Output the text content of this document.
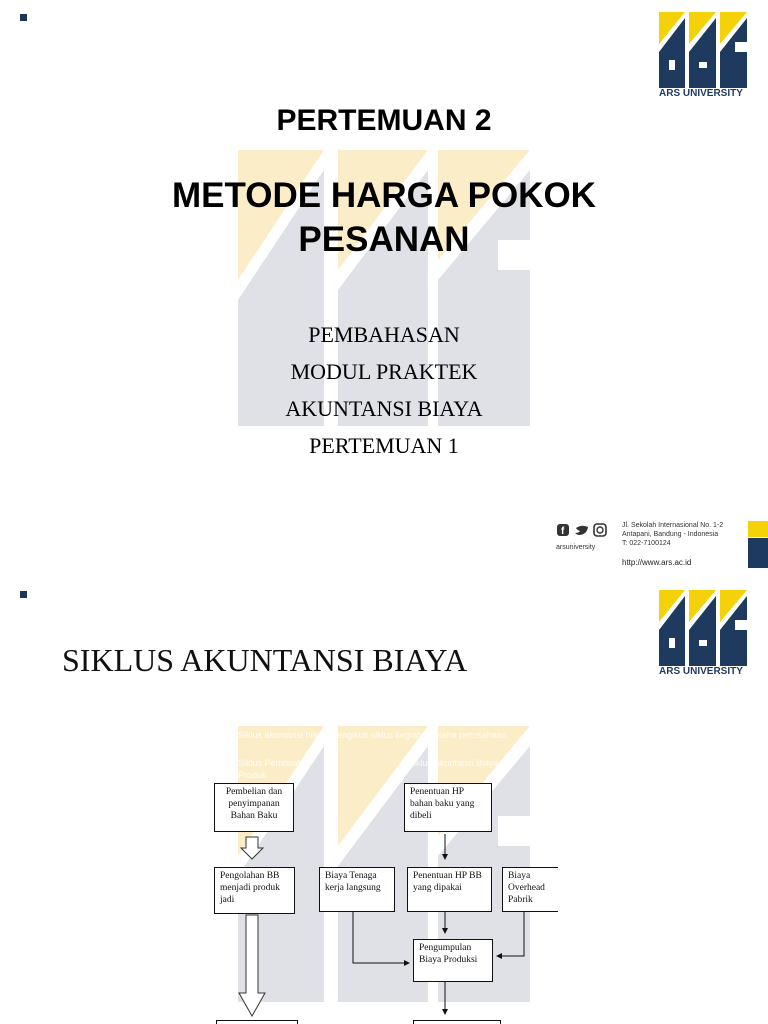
ARS UNIVERSITY
PERTEMUAN 2
METODE HARGA POKOK
PESANAN
PEMBAHASAN
MODUL PRAKTEK
AKUNTANSI BIAYA
PERTEMUAN 1
f
arsuniversity
Jl. Sekolah Internasional No. 1-2
Antapani, Bandung - Indonesia
T: 022-7100124
http://www.ars.ac.id
ARS UNIVERSITY
SIKLUS AKUNTANSI BIAYA
Siklus akuntansi biaya mengikuti siklus kegiatan usaha perusahaan
Siklus Pembuatan	Siklus Akuntansi Biaya
Produk
Pembelian dan penyimpanan Bahan Baku
Penentuan HP bahan baku yang dibeli
Pengolahan BB menjadi produk jadi
Biaya Tenaga kerja langsung
Penentuan HP BB yang dipakai
Biaya Overhead Pabrik
Pengumpulan Biaya Produksi
